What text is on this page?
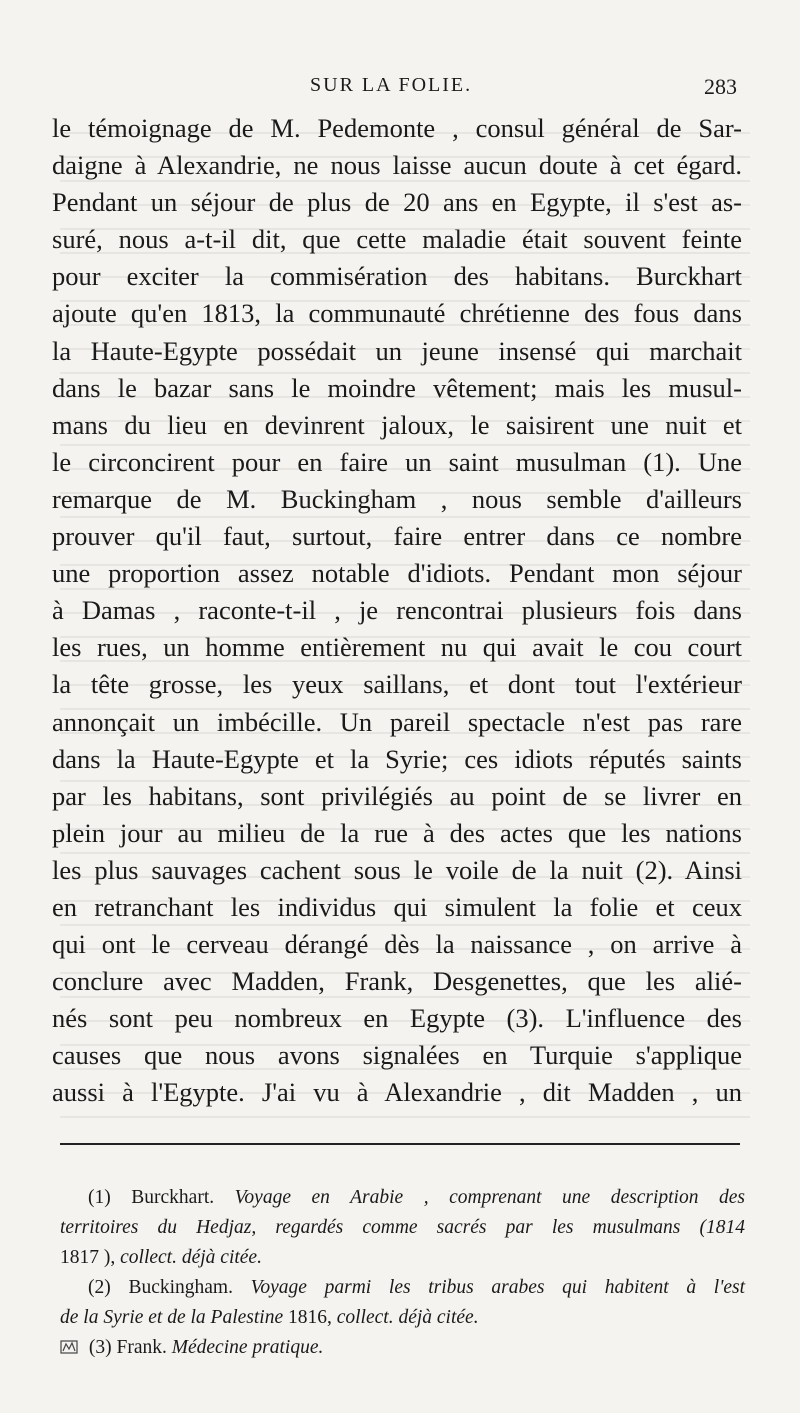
SUR LA FOLIE.	283
le témoignage de M. Pedemonte , consul général de Sar-
daigne à Alexandrie, ne nous laisse aucun doute à cet égard.
Pendant un séjour de plus de 20 ans en Egypte, il s'est as-
suré, nous a-t-il dit, que cette maladie était souvent feinte
pour exciter la commisération des habitans. Burckhart
ajoute qu'en 1813, la communauté chrétienne des fous dans
la Haute-Egypte possédait un jeune insensé qui marchait
dans le bazar sans le moindre vêtement; mais les musul-
mans du lieu en devinrent jaloux, le saisirent une nuit et
le circoncirent pour en faire un saint musulman (1). Une
remarque de M. Buckingham , nous semble d'ailleurs
prouver qu'il faut, surtout, faire entrer dans ce nombre
une proportion assez notable d'idiots. Pendant mon séjour
à Damas , raconte-t-il , je rencontrai plusieurs fois dans
les rues, un homme entièrement nu qui avait le cou court
la tête grosse, les yeux saillans, et dont tout l'extérieur
annonçait un imbécille. Un pareil spectacle n'est pas rare
dans la Haute-Egypte et la Syrie; ces idiots réputés saints
par les habitans, sont privilégiés au point de se livrer en
plein jour au milieu de la rue à des actes que les nations
les plus sauvages cachent sous le voile de la nuit (2). Ainsi
en retranchant les individus qui simulent la folie et ceux
qui ont le cerveau dérangé dès la naissance , on arrive à
conclure avec Madden, Frank, Desgenettes, que les alié-
nés sont peu nombreux en Egypte (3). L'influence des
causes que nous avons signalées en Turquie s'applique
aussi à l'Egypte. J'ai vu à Alexandrie , dit Madden , un
(1) Burckhart. Voyage en Arabie , comprenant une description des
territoires du Hedjaz, regardés comme sacrés par les musulmans (1814
1817 ), collect. déjà citée.
(2) Buckingham. Voyage parmi les tribus arabes qui habitent à l'est
de la Syrie et de la Palestine 1816, collect. déjà citée.
(3) Frank. Médecine pratique.
